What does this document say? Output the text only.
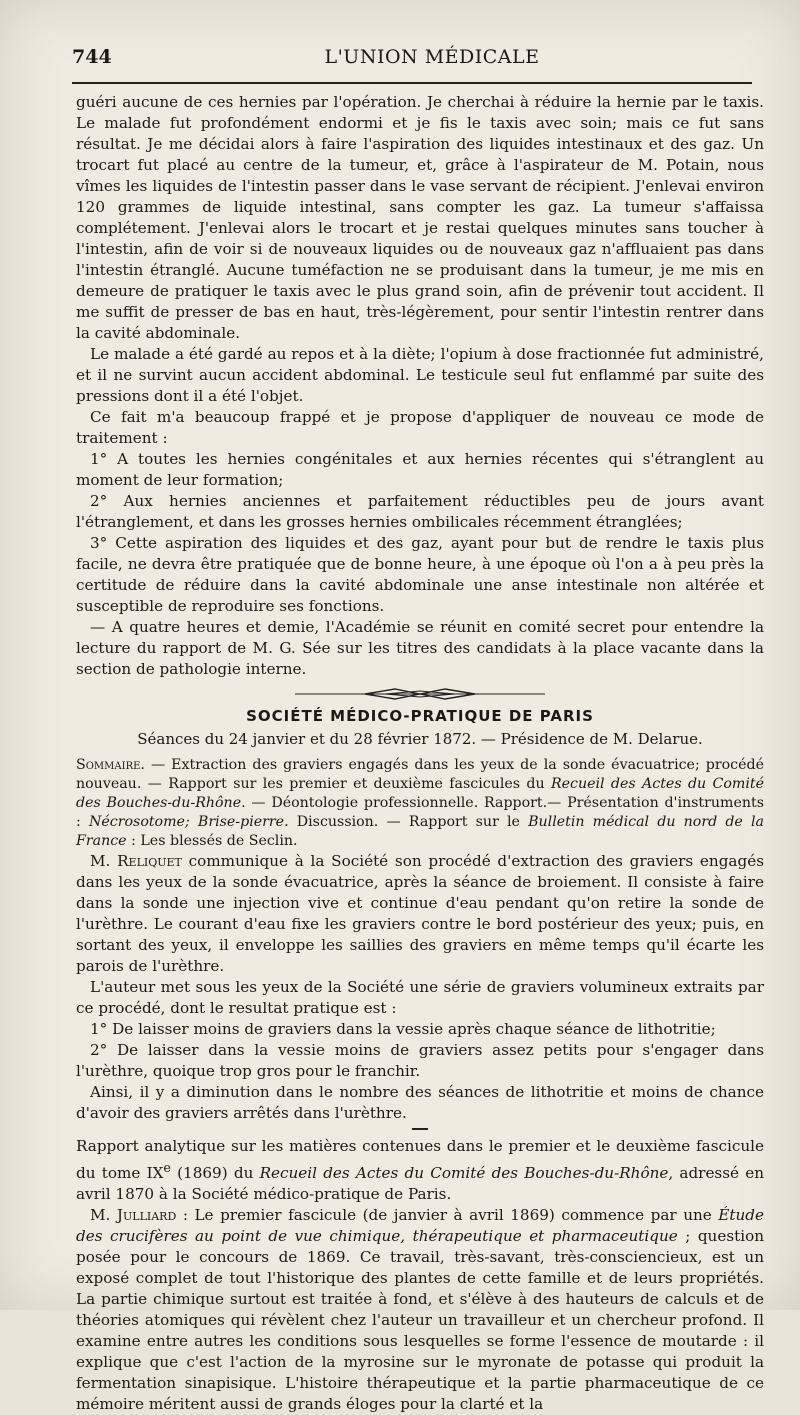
744	L'UNION MÉDICALE

guéri aucune de ces hernies par l'opération. Je cherchai à réduire la hernie par le taxis. Le malade fut profondément endormi et je fis le taxis avec soin; mais ce fut sans résultat. Je me décidai alors à faire l'aspiration des liquides intestinaux et des gaz. Un trocart fut placé au centre de la tumeur, et, grâce à l'aspirateur de M. Potain, nous vîmes les liquides de l'intestin passer dans le vase servant de récipient. J'enlevai environ 120 grammes de liquide intestinal, sans compter les gaz. La tumeur s'affaissa complétement. J'enlevai alors le trocart et je restai quelques minutes sans toucher à l'intestin, afin de voir si de nouveaux liquides ou de nouveaux gaz n'affluaient pas dans l'intestin étranglé. Aucune tuméfaction ne se produisant dans la tumeur, je me mis en demeure de pratiquer le taxis avec le plus grand soin, afin de prévenir tout accident. Il me suffit de presser de bas en haut, très-légèrement, pour sentir l'intestin rentrer dans la cavité abdominale.

Le malade a été gardé au repos et à la diète; l'opium à dose fractionnée fut administré, et il ne survint aucun accident abdominal. Le testicule seul fut enflammé par suite des pressions dont il a été l'objet.

Ce fait m'a beaucoup frappé et je propose d'appliquer de nouveau ce mode de traitement :

1° A toutes les hernies congénitales et aux hernies récentes qui s'étranglent au moment de leur formation;

2° Aux hernies anciennes et parfaitement réductibles peu de jours avant l'étranglement, et dans les grosses hernies ombilicales récemment étranglées;

3° Cette aspiration des liquides et des gaz, ayant pour but de rendre le taxis plus facile, ne devra être pratiquée que de bonne heure, à une époque où l'on a à peu près la certitude de réduire dans la cavité abdominale une anse intestinale non altérée et susceptible de reproduire ses fonctions.

— A quatre heures et demie, l'Académie se réunit en comité secret pour entendre la lecture du rapport de M. G. Sée sur les titres des candidats à la place vacante dans la section de pathologie interne.

SOCIÉTÉ MÉDICO-PRATIQUE DE PARIS
Séances du 24 janvier et du 28 février 1872. — Présidence de M. Delarue.

Sommaire. — Extraction des graviers engagés dans les yeux de la sonde évacuatrice; procédé nouveau. — Rapport sur les premier et deuxième fascicules du Recueil des Actes du Comité des Bouches-du-Rhône. — Déontologie professionnelle. Rapport.— Présentation d'instruments : Nécrosotome; Brise-pierre. Discussion. — Rapport sur le Bulletin médical du nord de la France : Les blessés de Seclin.

M. Reliquet communique à la Société son procédé d'extraction des graviers engagés dans les yeux de la sonde évacuatrice, après la séance de broiement. Il consiste à faire dans la sonde une injection vive et continue d'eau pendant qu'on retire la sonde de l'urèthre. Le courant d'eau fixe les graviers contre le bord postérieur des yeux; puis, en sortant des yeux, il enveloppe les saillies des graviers en même temps qu'il écarte les parois de l'urèthre.

L'auteur met sous les yeux de la Société une série de graviers volumineux extraits par ce procédé, dont le resultat pratique est :

1° De laisser moins de graviers dans la vessie après chaque séance de lithotritie;

2° De laisser dans la vessie moins de graviers assez petits pour s'engager dans l'urèthre, quoique trop gros pour le franchir.

Ainsi, il y a diminution dans le nombre des séances de lithotritie et moins de chance d'avoir des graviers arrêtés dans l'urèthre.

Rapport analytique sur les matières contenues dans le premier et le deuxième fascicule du tome IXe (1869) du Recueil des Actes du Comité des Bouches-du-Rhône, adressé en avril 1870 à la Société médico-pratique de Paris.

M. Julliard : Le premier fascicule (de janvier à avril 1869) commence par une Étude des crucifères au point de vue chimique, thérapeutique et pharmaceutique ; question posée pour le concours de 1869. Ce travail, très-savant, très-consciencieux, est un exposé complet de tout l'historique des plantes de cette famille et de leurs propriétés. La partie chimique surtout est traitée à fond, et s'élève à des hauteurs de calculs et de théories atomiques qui révèlent chez l'auteur un travailleur et un chercheur profond. Il examine entre autres les conditions sous lesquelles se forme l'essence de moutarde : il explique que c'est l'action de la myrosine sur le myronate de potasse qui produit la fermentation sinapisique. L'histoire thérapeutique et la partie pharmaceutique de ce mémoire méritent aussi de grands éloges pour la clarté et la
